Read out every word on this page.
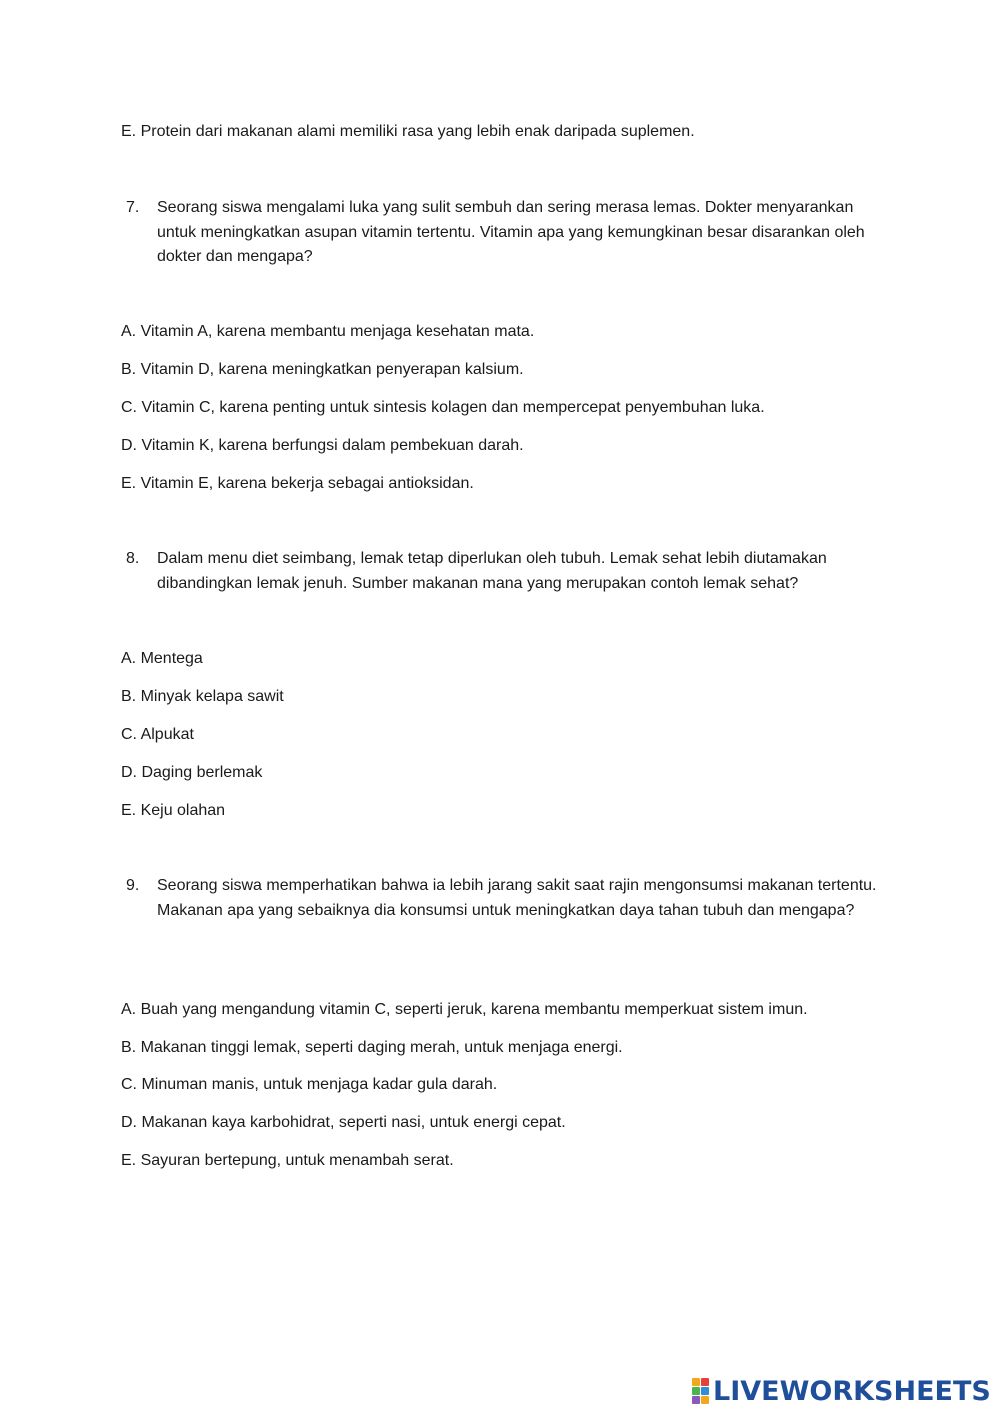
E. Protein dari makanan alami memiliki rasa yang lebih enak daripada suplemen.
7. Seorang siswa mengalami luka yang sulit sembuh dan sering merasa lemas. Dokter menyarankan untuk meningkatkan asupan vitamin tertentu. Vitamin apa yang kemungkinan besar disarankan oleh dokter dan mengapa?
A. Vitamin A, karena membantu menjaga kesehatan mata.
B. Vitamin D, karena meningkatkan penyerapan kalsium.
C. Vitamin C, karena penting untuk sintesis kolagen dan mempercepat penyembuhan luka.
D. Vitamin K, karena berfungsi dalam pembekuan darah.
E. Vitamin E, karena bekerja sebagai antioksidan.
8. Dalam menu diet seimbang, lemak tetap diperlukan oleh tubuh. Lemak sehat lebih diutamakan dibandingkan lemak jenuh. Sumber makanan mana yang merupakan contoh lemak sehat?
A. Mentega
B. Minyak kelapa sawit
C. Alpukat
D. Daging berlemak
E. Keju olahan
9. Seorang siswa memperhatikan bahwa ia lebih jarang sakit saat rajin mengonsumsi makanan tertentu. Makanan apa yang sebaiknya dia konsumsi untuk meningkatkan daya tahan tubuh dan mengapa?
A. Buah yang mengandung vitamin C, seperti jeruk, karena membantu memperkuat sistem imun.
B. Makanan tinggi lemak, seperti daging merah, untuk menjaga energi.
C. Minuman manis, untuk menjaga kadar gula darah.
D. Makanan kaya karbohidrat, seperti nasi, untuk energi cepat.
E. Sayuran bertepung, untuk menambah serat.
LIVEWORKSHEETS
